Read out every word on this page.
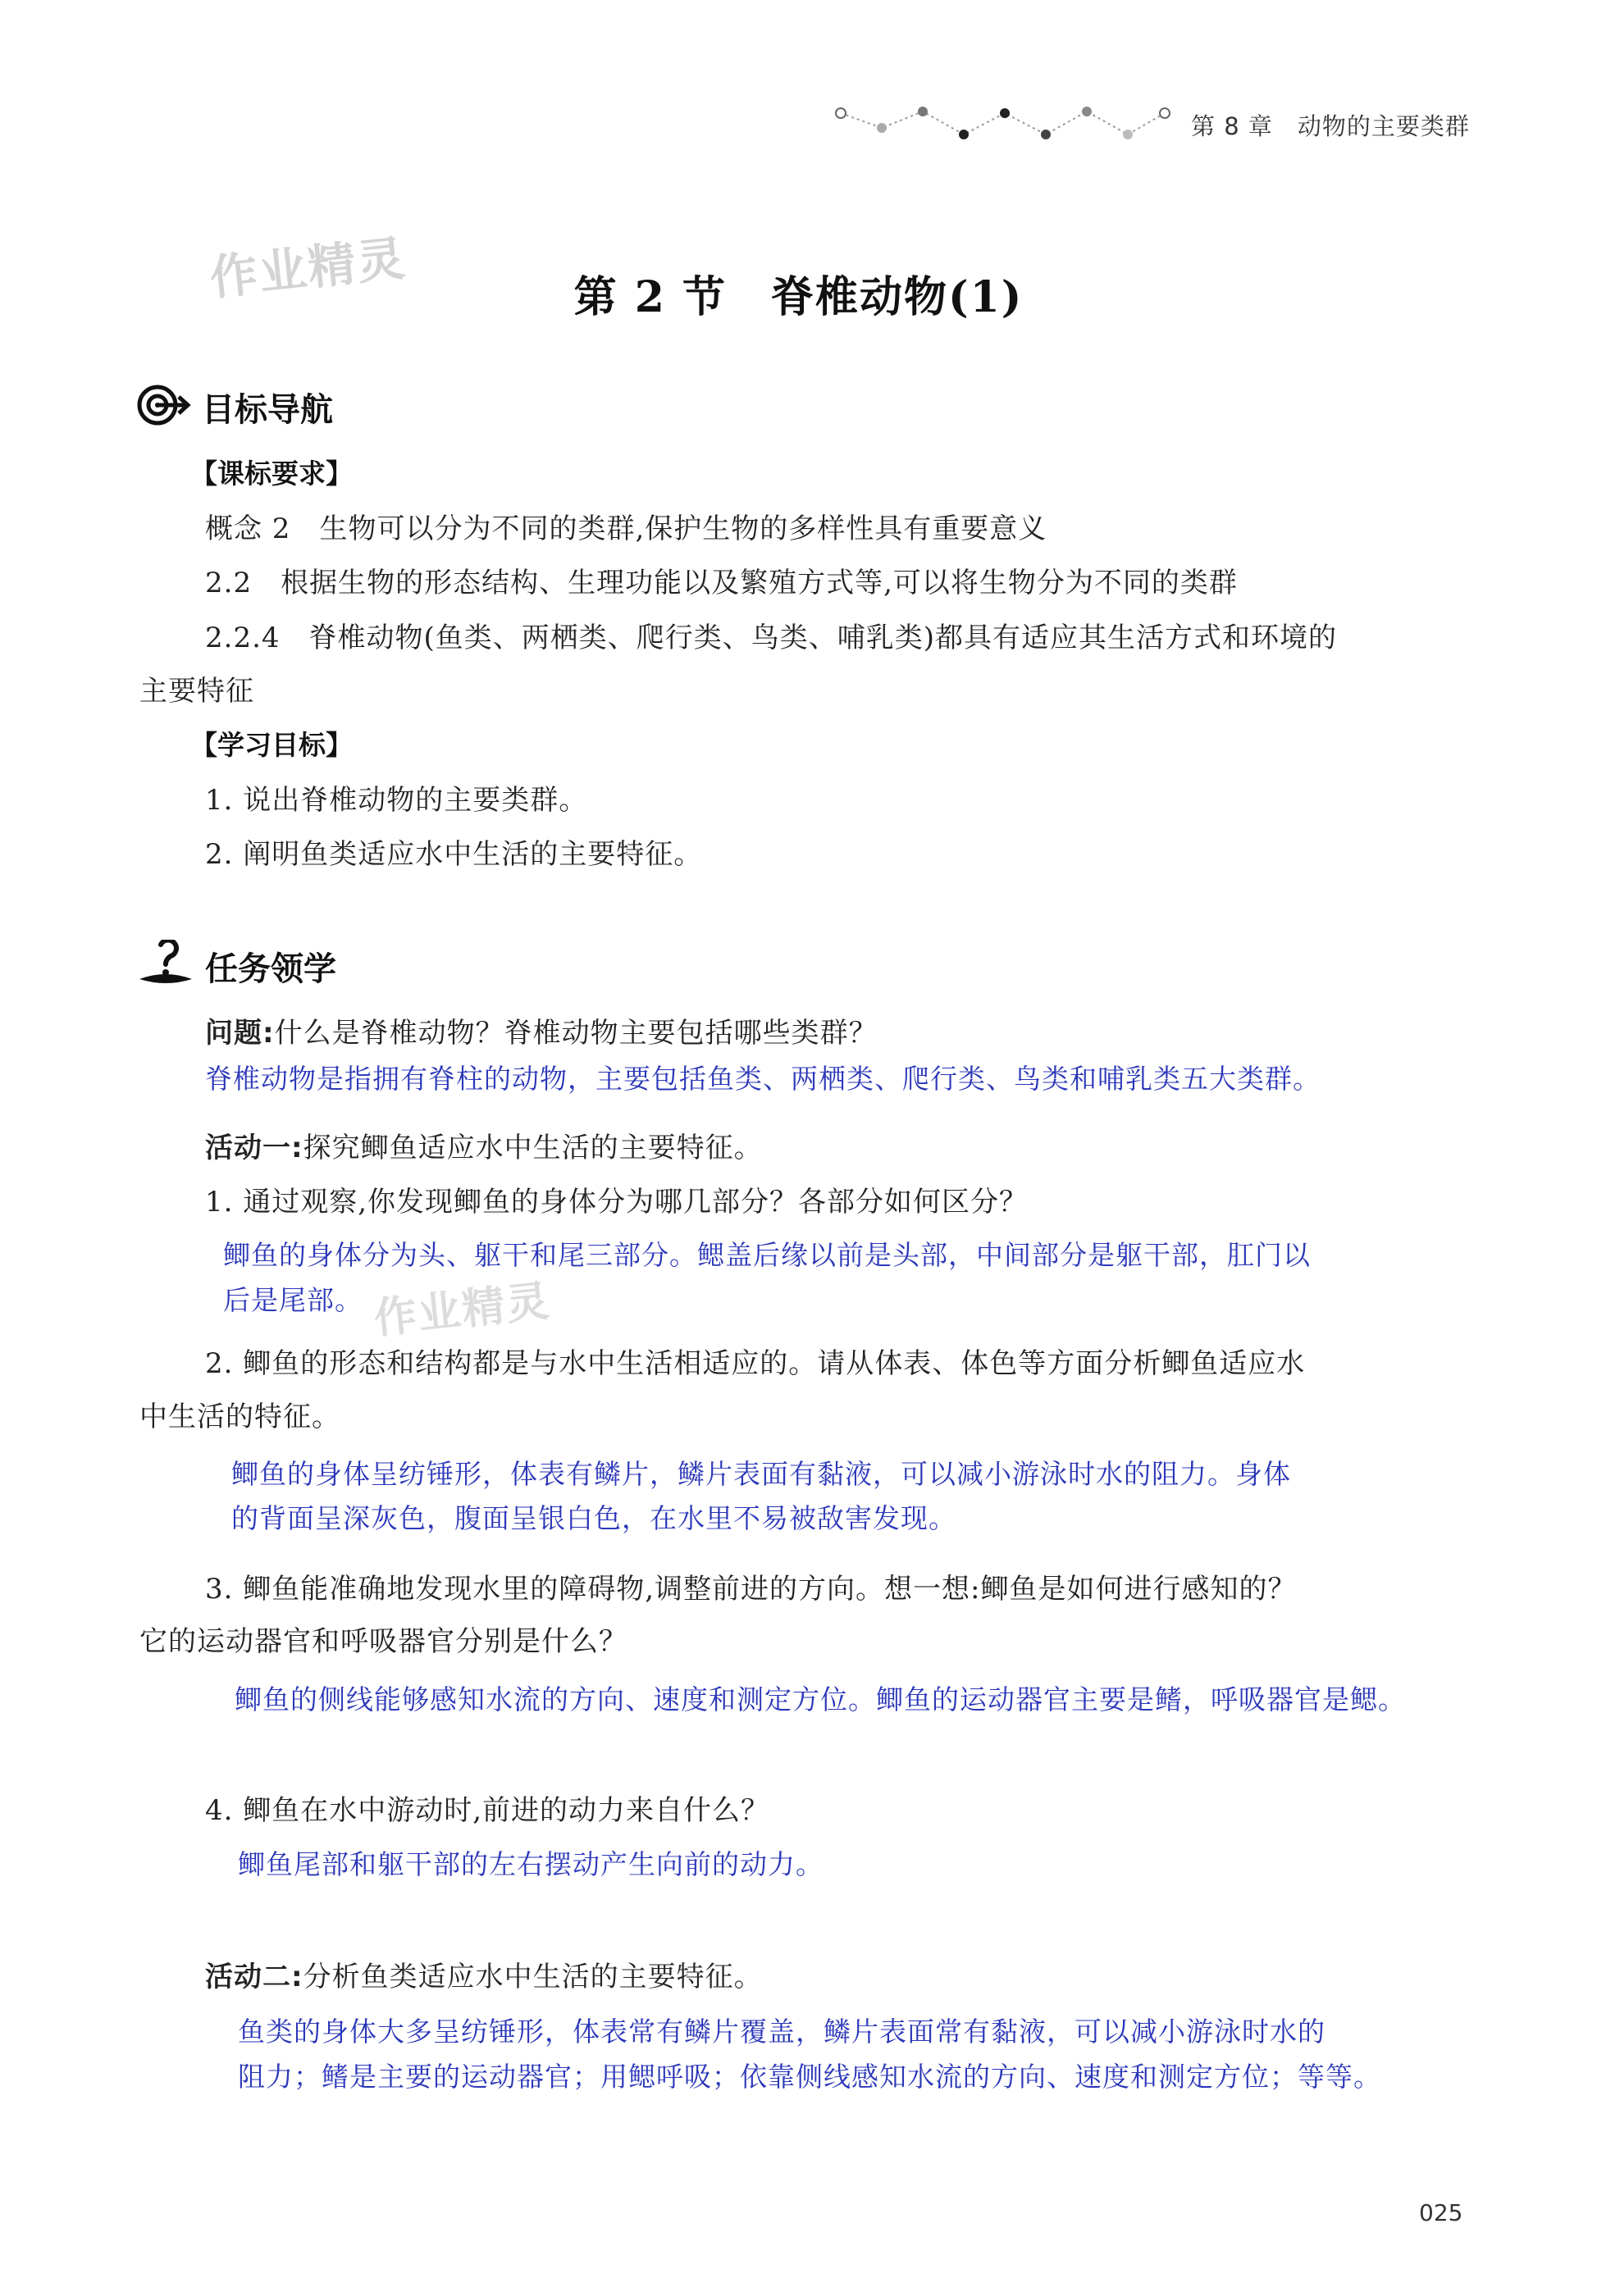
第 8 章　动物的主要类群
作业精灵
作业精灵
第 2 节　脊椎动物(1)
目标导航
【课标要求】
概念 2　生物可以分为不同的类群,保护生物的多样性具有重要意义
2.2　根据生物的形态结构、生理功能以及繁殖方式等,可以将生物分为不同的类群
2.2.4　脊椎动物(鱼类、两栖类、爬行类、鸟类、哺乳类)都具有适应其生活方式和环境的
主要特征
【学习目标】
1. 说出脊椎动物的主要类群。
2. 阐明鱼类适应水中生活的主要特征。
任务领学
问题:什么是脊椎动物？脊椎动物主要包括哪些类群？
脊椎动物是指拥有脊柱的动物，主要包括鱼类、两栖类、爬行类、鸟类和哺乳类五大类群。
活动一:探究鲫鱼适应水中生活的主要特征。
1. 通过观察,你发现鲫鱼的身体分为哪几部分？各部分如何区分？
鲫鱼的身体分为头、躯干和尾三部分。鳃盖后缘以前是头部，中间部分是躯干部，肛门以
后是尾部。
2. 鲫鱼的形态和结构都是与水中生活相适应的。请从体表、体色等方面分析鲫鱼适应水
中生活的特征。
鲫鱼的身体呈纺锤形，体表有鳞片，鳞片表面有黏液，可以减小游泳时水的阻力。身体
的背面呈深灰色，腹面呈银白色，在水里不易被敌害发现。
3. 鲫鱼能准确地发现水里的障碍物,调整前进的方向。想一想:鲫鱼是如何进行感知的？
它的运动器官和呼吸器官分别是什么？
鲫鱼的侧线能够感知水流的方向、速度和测定方位。鲫鱼的运动器官主要是鳍，呼吸器官是鳃。
4. 鲫鱼在水中游动时,前进的动力来自什么？
鲫鱼尾部和躯干部的左右摆动产生向前的动力。
活动二:分析鱼类适应水中生活的主要特征。
鱼类的身体大多呈纺锤形，体表常有鳞片覆盖，鳞片表面常有黏液，可以减小游泳时水的
阻力；鳍是主要的运动器官；用鳃呼吸；依靠侧线感知水流的方向、速度和测定方位；等等。
025
